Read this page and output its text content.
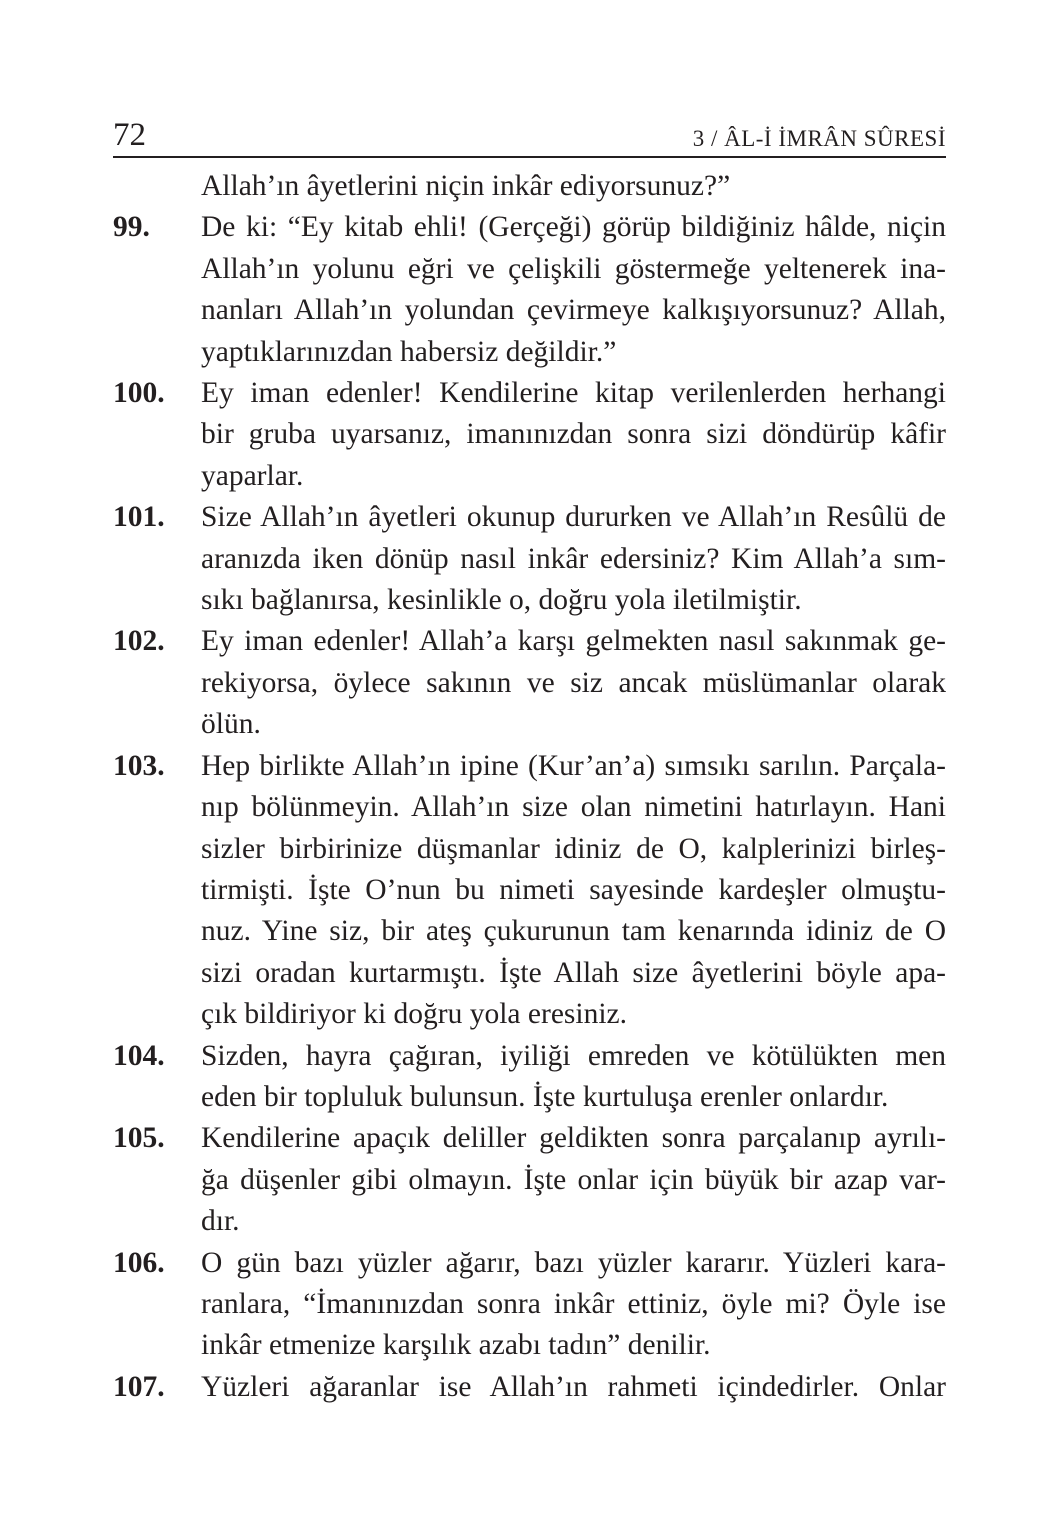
72	3 / ÂL-İ İMRÂN SÛRESİ
Allah’ın âyetlerini niçin inkâr ediyorsunuz?”
99.	De ki: “Ey kitab ehli! (Gerçeği) görüp bildiğiniz hâlde, niçin
Allah’ın yolunu eğri ve çelişkili göstermeğe yeltenerek ina-
nanları Allah’ın yolundan çevirmeye kalkışıyorsunuz? Allah,
yaptıklarınızdan habersiz değildir.”
100.	Ey iman edenler! Kendilerine kitap verilenlerden herhangi
bir gruba uyarsanız, imanınızdan sonra sizi döndürüp kâfir
yaparlar.
101.	Size Allah’ın âyetleri okunup dururken ve Allah’ın Resûlü de
aranızda iken dönüp nasıl inkâr edersiniz? Kim Allah’a sım-
sıkı bağlanırsa, kesinlikle o, doğru yola iletilmiştir.
102.	Ey iman edenler! Allah’a karşı gelmekten nasıl sakınmak ge-
rekiyorsa, öylece sakının ve siz ancak müslümanlar olarak
ölün.
103.	Hep birlikte Allah’ın ipine (Kur’an’a) sımsıkı sarılın. Parçala-
nıp bölünmeyin. Allah’ın size olan nimetini hatırlayın. Hani
sizler birbirinize düşmanlar idiniz de O, kalplerinizi birleş-
tirmişti. İşte O’nun bu nimeti sayesinde kardeşler olmuştu-
nuz. Yine siz, bir ateş çukurunun tam kenarında idiniz de O
sizi oradan kurtarmıştı. İşte Allah size âyetlerini böyle apa-
çık bildiriyor ki doğru yola eresiniz.
104.	Sizden, hayra çağıran, iyiliği emreden ve kötülükten men
eden bir topluluk bulunsun. İşte kurtuluşa erenler onlardır.
105.	Kendilerine apaçık deliller geldikten sonra parçalanıp ayrılı-
ğa düşenler gibi olmayın. İşte onlar için büyük bir azap var-
dır.
106.	O gün bazı yüzler ağarır, bazı yüzler kararır. Yüzleri kara-
ranlara, “İmanınızdan sonra inkâr ettiniz, öyle mi? Öyle ise
inkâr etmenize karşılık azabı tadın” denilir.
107.	Yüzleri ağaranlar ise Allah’ın rahmeti içindedirler. Onlar
